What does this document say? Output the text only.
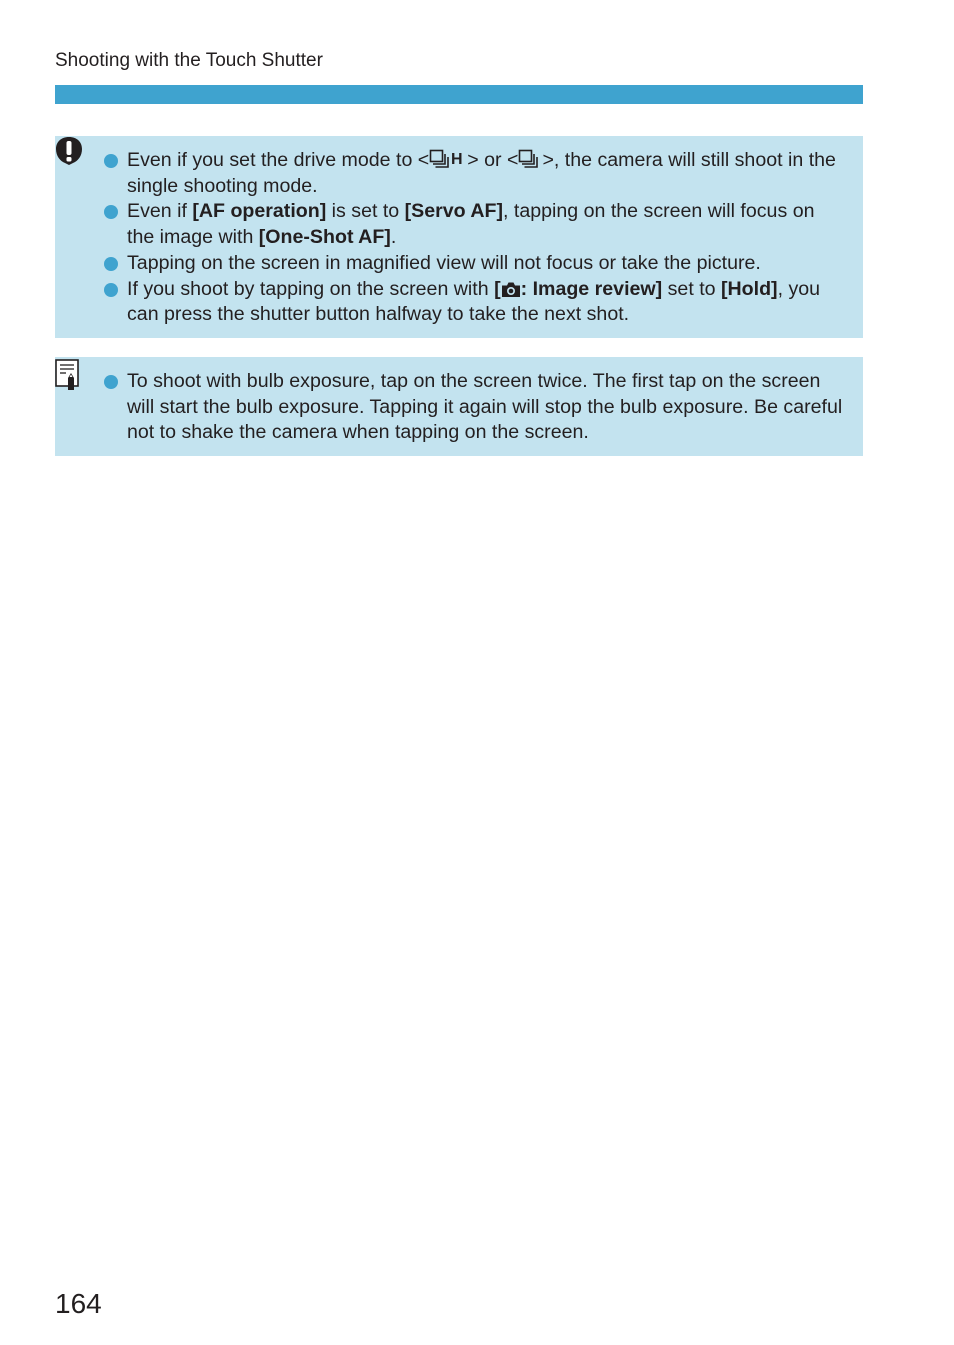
Shooting with the Touch Shutter
Even if you set the drive mode to < H > or < >, the camera will still shoot in the single shooting mode.
Even if [AF operation] is set to [Servo AF], tapping on the screen will focus on the image with [One-Shot AF].
Tapping on the screen in magnified view will not focus or take the picture.
If you shoot by tapping on the screen with [ : Image review] set to [Hold], you can press the shutter button halfway to take the next shot.
To shoot with bulb exposure, tap on the screen twice. The first tap on the screen will start the bulb exposure. Tapping it again will stop the bulb exposure. Be careful not to shake the camera when tapping on the screen.
164
